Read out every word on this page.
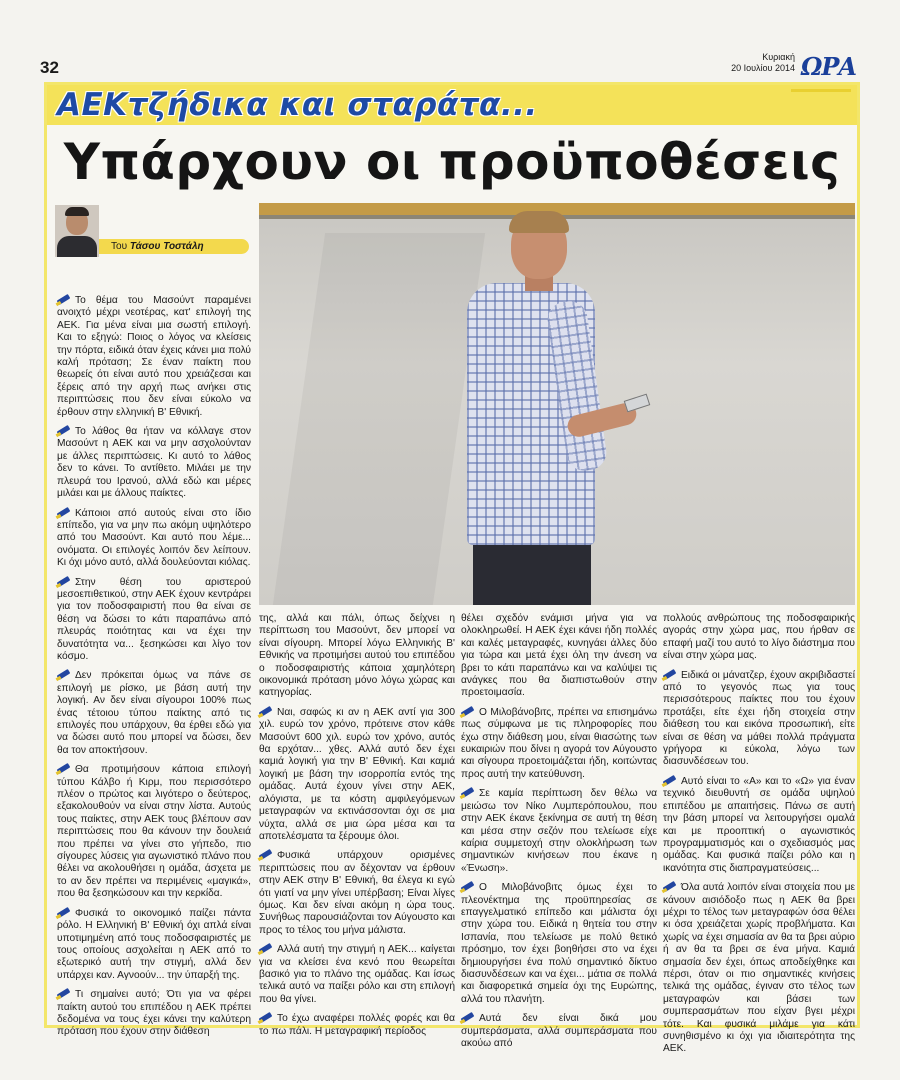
32
Κυριακή
20 Ιουλίου 2014 ΩΡΑ
ΑΕΚτζήδικα και σταράτα...
Υπάρχουν οι προϋποθέσεις
Του Τάσου Τοστάλη

Το θέμα του Μασούντ παραμένει ανοιχτό μέχρι νεοτέρας, κατ' επιλογή της ΑΕΚ. Για μένα είναι μια σωστή επιλογή. Και το εξηγώ: Ποιος ο λόγος να κλείσεις την πόρτα, ειδικά όταν έχεις κάνει μια πολύ καλή πρόταση; Σε έναν παίκτη που θεωρείς ότι είναι αυτό που χρειάζεσαι και ξέρεις από την αρχή πως ανήκει στις περιπτώσεις που δεν είναι εύκολο να έρθουν στην ελληνική Β' Εθνική.

Το λάθος θα ήταν να κόλλαγε στον Μασούντ η ΑΕΚ και να μην ασχολούνταν με άλλες περιπτώσεις. Κι αυτό το λάθος δεν το κάνει. Το αντίθετο. Μιλάει με την πλευρά του Ιρανού, αλλά εδώ και μέρες μιλάει και με άλλους παίκτες.

Κάποιοι από αυτούς είναι στο ίδιο επίπεδο, για να μην πω ακόμη υψηλότερο από του Μασούντ. Και αυτό που λέμε... ονόματα. Οι επιλογές λοιπόν δεν λείπουν. Κι όχι μόνο αυτό, αλλά δουλεύονται κιόλας.

Στην θέση του αριστερού μεσοεπιθετικού, στην ΑΕΚ έχουν κεντράρει για τον ποδοσφαιριστή που θα είναι σε θέση να δώσει το κάτι παραπάνω από πλευράς ποιότητας και να έχει την δυνατότητα να... ξεσηκώσει και λίγο τον κόσμο.

Δεν πρόκειται όμως να πάνε σε επιλογή με ρίσκο, με βάση αυτή την λογική. Αν δεν είναι σίγουροι 100% πως ένας τέτοιου τύπου παίκτης από τις επιλογές που υπάρχουν, θα έρθει εδώ για να δώσει αυτό που μπορεί να δώσει, δεν θα τον αποκτήσουν.

Θα προτιμήσουν κάποια επιλογή τύπου Κάλβο ή Κιρμ, που περισσότερο πλέον ο πρώτος και λιγότερο ο δεύτερος, εξακολουθούν να είναι στην λίστα. Αυτούς τους παίκτες, στην ΑΕΚ τους βλέπουν σαν περιπτώσεις που θα κάνουν την δουλειά που πρέπει να γίνει στο γήπεδο, πιο σίγουρες λύσεις για αγωνιστικό πλάνο που θέλει να ακολουθήσει η ομάδα, άσχετα με το αν δεν πρέπει να περιμένεις «μαγικά», που θα ξεσηκώσουν και την κερκίδα.

Φυσικά το οικονομικό παίζει πάντα ρόλο. Η Ελληνική Β' Εθνική όχι απλά είναι υποτιμημένη από τους ποδοσφαιριστές με τους οποίους ασχολείται η ΑΕΚ από το εξωτερικό αυτή την στιγμή, αλλά δεν υπάρχει καν. Αγνοούν... την ύπαρξή της.

Τι σημαίνει αυτό; Ότι για να φέρει παίκτη αυτού του επιπέδου η ΑΕΚ πρέπει δεδομένα να τους έχει κάνει την καλύτερη πρόταση που έχουν στην διάθεση

της, αλλά και πάλι, όπως δείχνει η περίπτωση του Μασούντ, δεν μπορεί να είναι σίγουρη. Μπορεί λόγω Ελληνικής Β' Εθνικής να προτιμήσει αυτού του επιπέδου ο ποδοσφαιριστής κάποια χαμηλότερη οικονομικά πρόταση μόνο λόγω χώρας και κατηγορίας.

Ναι, σαφώς κι αν η ΑΕΚ αντί για 300 χιλ. ευρώ τον χρόνο, πρότεινε στον κάθε Μασούντ 600 χιλ. ευρώ τον χρόνο, αυτός θα ερχόταν... χθες. Αλλά αυτό δεν έχει καμιά λογική για την Β' Εθνική. Και καμιά λογική με βάση την ισορροπία εντός της ομάδας. Αυτά έχουν γίνει στην ΑΕΚ, αλόγιστα, με τα κόστη αμφιλεγόμενων μεταγραφών να εκτινάσσονται όχι σε μια νύχτα, αλλά σε μια ώρα μέσα και τα αποτελέσματα τα ξέρουμε όλοι.

Φυσικά υπάρχουν ορισμένες περιπτώσεις που αν δέχονταν να έρθουν στην ΑΕΚ στην Β' Εθνική, θα έλεγα κι εγώ ότι γιατί να μην γίνει υπέρβαση; Είναι λίγες όμως. Και δεν είναι ακόμη η ώρα τους. Συνήθως παρουσιάζονται τον Αύγουστο και προς το τέλος του μήνα μάλιστα.

Αλλά αυτή την στιγμή η ΑΕΚ... καίγεται για να κλείσει ένα κενό που θεωρείται βασικό για το πλάνο της ομάδας. Και ίσως τελικά αυτό να παίξει ρόλο και στη επιλογή που θα γίνει.

Το έχω αναφέρει πολλές φορές και θα το πω πάλι. Η μεταγραφική περίοδος

θέλει σχεδόν ενάμισι μήνα για να ολοκληρωθεί. Η ΑΕΚ έχει κάνει ήδη πολλές και καλές μεταγραφές, κυνηγάει άλλες δύο για τώρα και μετά έχει όλη την άνεση να βρει το κάτι παραπάνω και να καλύψει τις ανάγκες που θα διαπιστωθούν στην προετοιμασία.

Ο Μιλοβάνοβιτς, πρέπει να επισημάνω πως σύμφωνα με τις πληροφορίες που έχω στην διάθεση μου, είναι θιασώτης των ευκαιριών που δίνει η αγορά τον Αύγουστο και σίγουρα προετοιμάζεται ήδη, κοιτώντας προς αυτή την κατεύθυνση.

Σε καμία περίπτωση δεν θέλω να μειώσω τον Νίκο Λυμπερόπουλου, που στην ΑΕΚ έκανε ξεκίνημα σε αυτή τη θέση και μέσα στην σεζόν που τελείωσε είχε καίρια συμμετοχή στην ολοκλήρωση των σημαντικών κινήσεων που έκανε η «Ένωση».

Ο Μιλοβάνοβιτς όμως έχει το πλεονέκτημα της προϋπηρεσίας σε επαγγελματικό επίπεδο και μάλιστα όχι στην χώρα του. Ειδικά η θητεία του στην Ισπανία, που τελείωσε με πολύ θετικό πρόσημο, τον έχει βοηθήσει στο να έχει δημιουργήσει ένα πολύ σημαντικό δίκτυο διασυνδέσεων και να έχει... μάτια σε πολλά και διαφορετικά σημεία όχι της Ευρώπης, αλλά του πλανήτη.

Αυτά δεν είναι δικά μου συμπεράσματα, αλλά συμπεράσματα που ακούω από

πολλούς ανθρώπους της ποδοσφαιρικής αγοράς στην χώρα μας, που ήρθαν σε επαφή μαζί του αυτό το λίγο διάστημα που είναι στην χώρα μας.

Ειδικά οι μάνατζερ, έχουν ακριβιδαστεί από το γεγονός πως για τους περισσότερους παίκτες που του έχουν προτάξει, είτε έχει ήδη στοιχεία στην διάθεση του και εικόνα προσωπική, είτε είναι σε θέση να μάθει πολλά πράγματα γρήγορα κι εύκολα, λόγω των διασυνδέσεων του.

Αυτό είναι το «Α» και το «Ω» για έναν τεχνικό διευθυντή σε ομάδα υψηλού επιπέδου με απαιτήσεις. Πάνω σε αυτή την βάση μπορεί να λειτουργήσει ομαλά και με προοπτική ο αγωνιστικός προγραμματισμός και ο σχεδιασμός μας ομάδας. Και φυσικά παίζει ρόλο και η ικανότητα στις διαπραγματεύσεις...

Όλα αυτά λοιπόν είναι στοιχεία που με κάνουν αισιόδοξο πως η ΑΕΚ θα βρει μέχρι το τέλος των μεταγραφών όσα θέλει κι όσα χρειάζεται χωρίς προβλήματα. Και χωρίς να έχει σημασία αν θα τα βρει αύριο ή αν θα τα βρει σε ένα μήνα. Καμιά σημασία δεν έχει, όπως αποδείχθηκε και πέρσι, όταν οι πιο σημαντικές κινήσεις τελικά της ομάδας, έγιναν στο τέλος των μεταγραφών και βάσει των συμπερασμάτων που είχαν βγει μέχρι τότε. Και φυσικά μιλάμε για κάτι συνηθισμένο κι όχι για ιδιαιτερότητα της ΑΕΚ.
